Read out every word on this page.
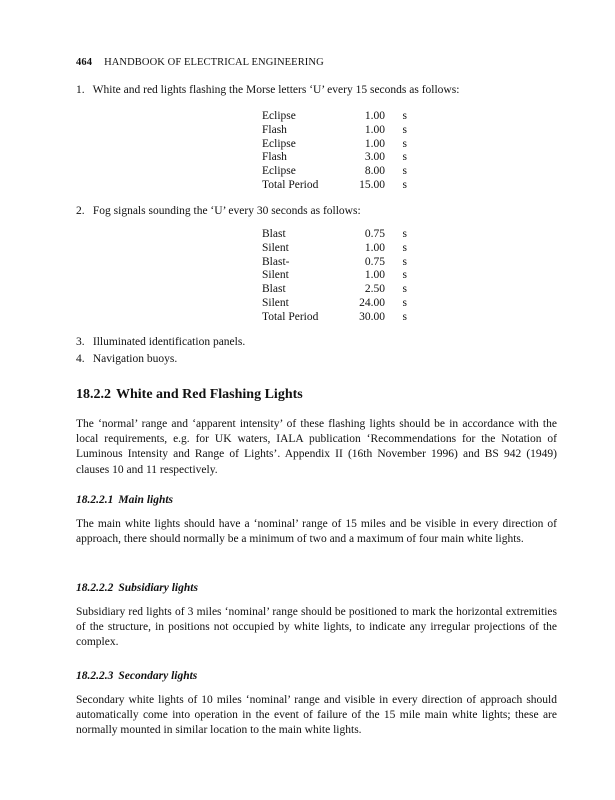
464 HANDBOOK OF ELECTRICAL ENGINEERING
1. White and red lights flashing the Morse letters ‘U’ every 15 seconds as follows:
Eclipse	1.00	s
Flash	1.00	s
Eclipse	1.00	s
Flash	3.00	s
Eclipse	8.00	s
Total Period	15.00	s
2. Fog signals sounding the ‘U’ every 30 seconds as follows:
Blast	0.75	s
Silent	1.00	s
Blast-	0.75	s
Silent	1.00	s
Blast	2.50	s
Silent	24.00	s
Total Period	30.00	s
3. Illuminated identification panels.
4. Navigation buoys.
18.2.2 White and Red Flashing Lights
The ‘normal’ range and ‘apparent intensity’ of these flashing lights should be in accordance with the local requirements, e.g. for UK waters, IALA publication ‘Recommendations for the Notation of Luminous Intensity and Range of Lights’. Appendix II (16th November 1996) and BS 942 (1949) clauses 10 and 11 respectively.
18.2.2.1 Main lights
The main white lights should have a ‘nominal’ range of 15 miles and be visible in every direction of approach, there should normally be a minimum of two and a maximum of four main white lights.
18.2.2.2 Subsidiary lights
Subsidiary red lights of 3 miles ‘nominal’ range should be positioned to mark the horizontal extremities of the structure, in positions not occupied by white lights, to indicate any irregular projections of the complex.
18.2.2.3 Secondary lights
Secondary white lights of 10 miles ‘nominal’ range and visible in every direction of approach should automatically come into operation in the event of failure of the 15 mile main white lights; these are normally mounted in similar location to the main white lights.
